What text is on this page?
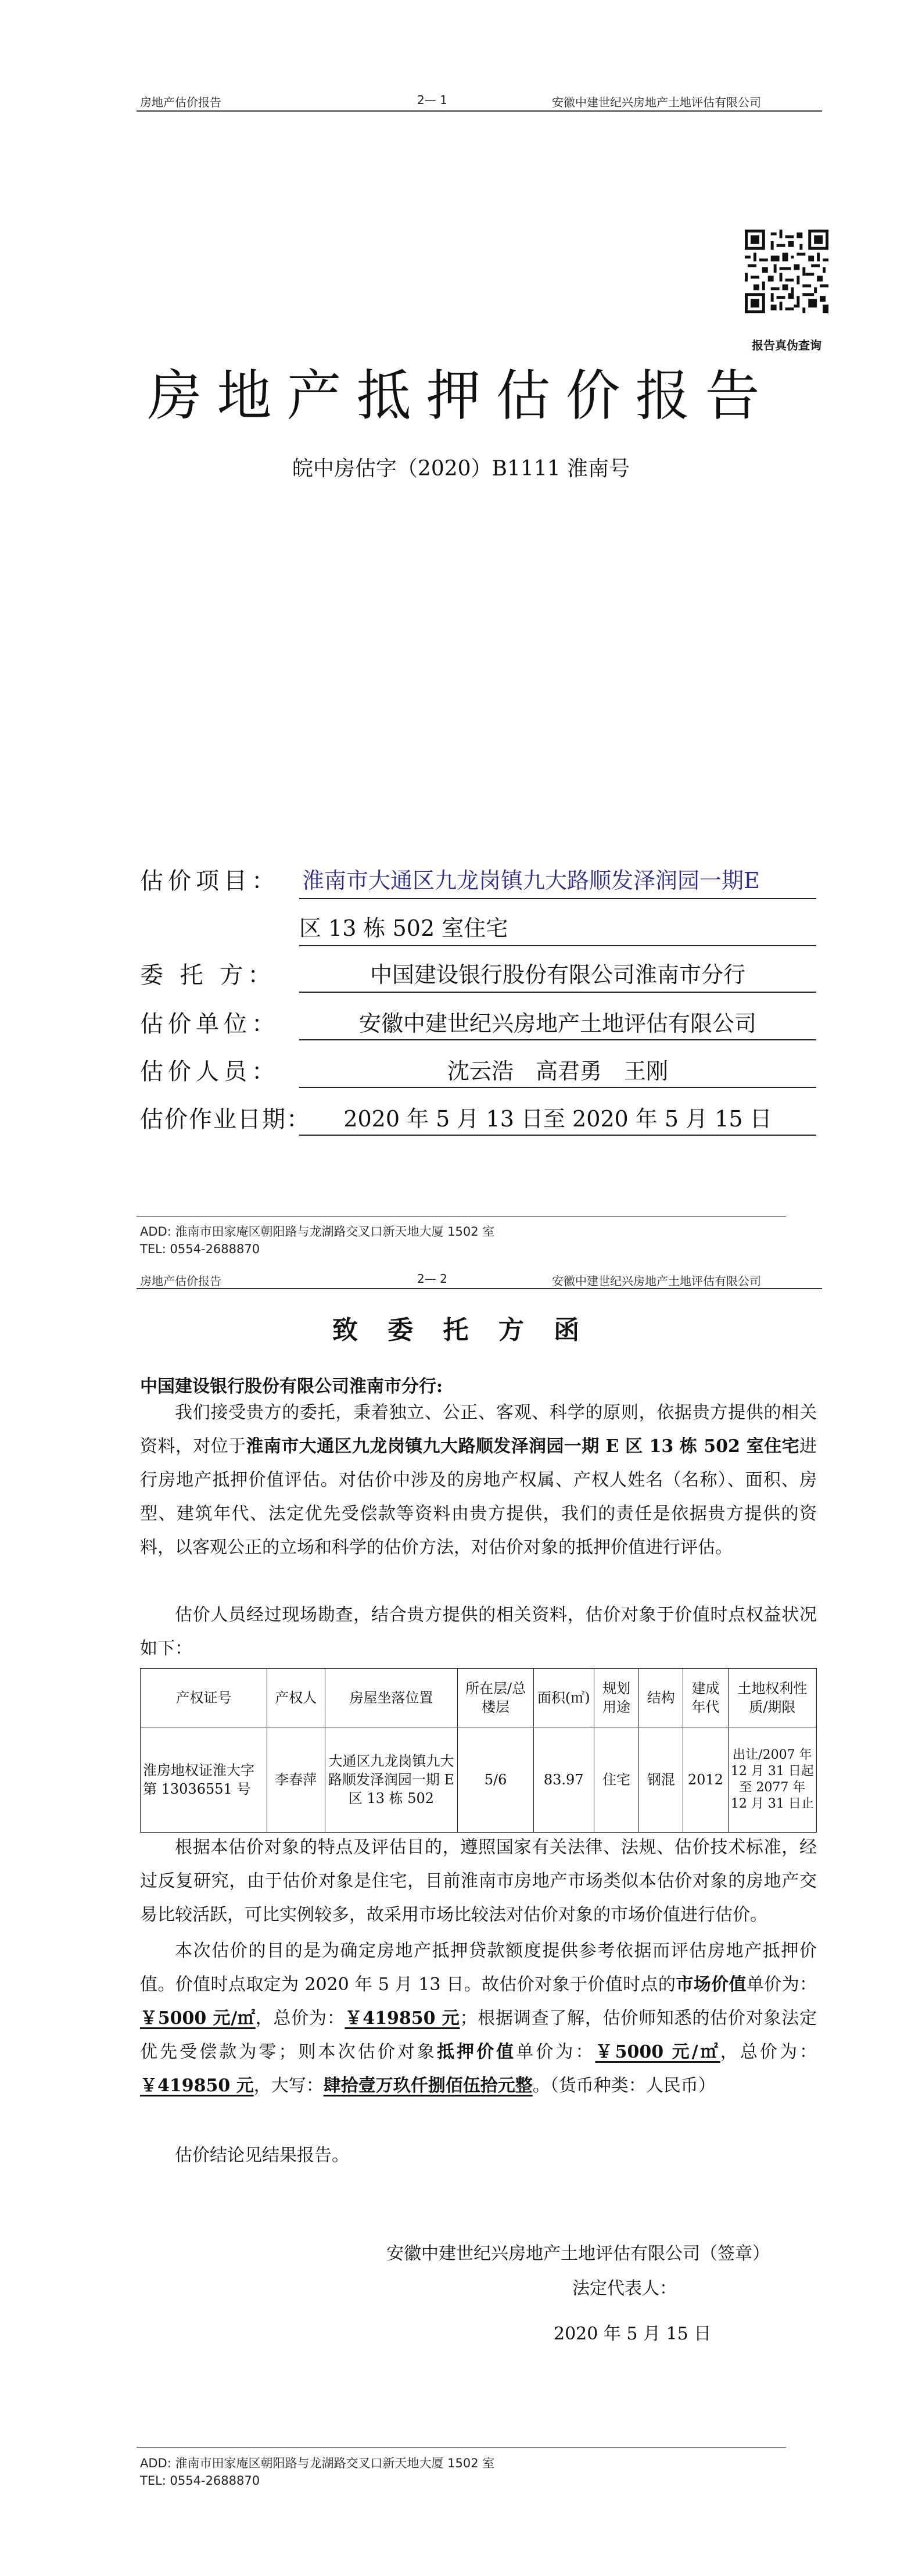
房地产估价报告	2— 1	安徽中建世纪兴房地产土地评估有限公司
报告真伪查询
房地产抵押估价报告
皖中房估字（2020）B1111 淮南号
估价项目： 淮南市大通区九龙岗镇九大路顺发泽润园一期E
区 13 栋 502 室住宅
委 托 方：	中国建设银行股份有限公司淮南市分行
估价单位：	安徽中建世纪兴房地产土地评估有限公司
估价人员：	沈云浩　高君勇　王刚
估价作业日期：	2020 年 5 月 13 日至 2020 年 5 月 15 日
ADD: 淮南市田家庵区朝阳路与龙湖路交叉口新天地大厦 1502 室
TEL: 0554-2688870
房地产估价报告	2— 2	安徽中建世纪兴房地产土地评估有限公司
致 委 托 方 函
中国建设银行股份有限公司淮南市分行:
我们接受贵方的委托，秉着独立、公正、客观、科学的原则，依据贵方提供的相关资料，对位于淮南市大通区九龙岗镇九大路顺发泽润园一期 E 区 13 栋 502 室住宅进行房地产抵押价值评估。对估价中涉及的房地产权属、产权人姓名（名称）、面积、房型、建筑年代、法定优先受偿款等资料由贵方提供，我们的责任是依据贵方提供的资料，以客观公正的立场和科学的估价方法，对估价对象的抵押价值进行评估。
估价人员经过现场勘查，结合贵方提供的相关资料，估价对象于价值时点权益状况如下：
产权证号	产权人	房屋坐落位置	所在层/总楼层	面积(㎡)	规划用途	结构	建成年代	土地权利性质/期限
淮房地权证淮大字第 13036551 号	李春萍	大通区九龙岗镇九大路顺发泽润园一期 E 区 13 栋 502	5/6	83.97	住宅	钢混	2012	出让/2007 年 12 月 31 日起至 2077 年 12 月 31 日止
根据本估价对象的特点及评估目的，遵照国家有关法律、法规、估价技术标准，经过反复研究，由于估价对象是住宅，目前淮南市房地产市场类似本估价对象的房地产交易比较活跃，可比实例较多，故采用市场比较法对估价对象的市场价值进行估价。
本次估价的目的是为确定房地产抵押贷款额度提供参考依据而评估房地产抵押价值。价值时点取定为 2020 年 5 月 13 日。故估价对象于价值时点的市场价值单价为：￥5000 元/㎡，总价为：￥419850 元；根据调查了解，估价师知悉的估价对象法定优先受偿款为零；则本次估价对象抵押价值单价为：￥5000 元/㎡，总价为：￥419850 元，大写：肆拾壹万玖仟捌佰伍拾元整。（货币种类：人民币）
估价结论见结果报告。
安徽中建世纪兴房地产土地评估有限公司（签章）
法定代表人：
2020 年 5 月 15 日
ADD: 淮南市田家庵区朝阳路与龙湖路交叉口新天地大厦 1502 室
TEL: 0554-2688870
